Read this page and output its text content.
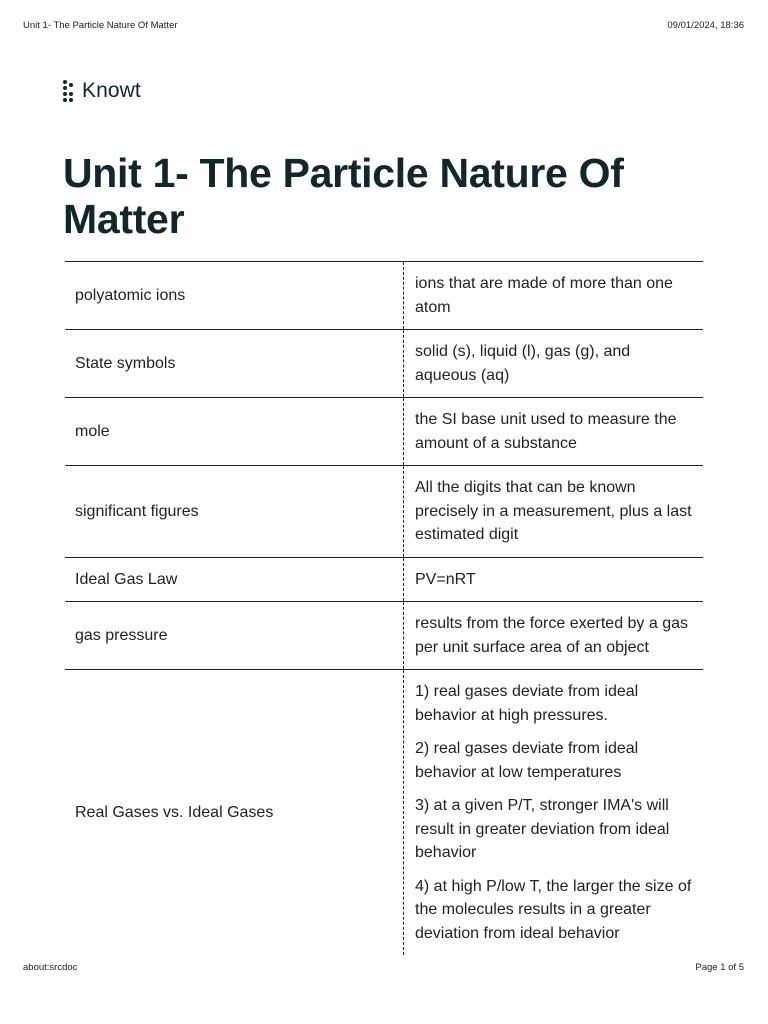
Unit 1- The Particle Nature Of Matter	09/01/2024, 18:36
Knowt
Unit 1- The Particle Nature Of Matter
polyatomic ions	ions that are made of more than one atom

State symbols	solid (s), liquid (l), gas (g), and aqueous (aq)

mole	the SI base unit used to measure the amount of a substance

significant figures	All the digits that can be known precisely in a measurement, plus a last estimated digit

Ideal Gas Law	PV=nRT

gas pressure	results from the force exerted by a gas per unit surface area of an object

Real Gases vs. Ideal Gases	1) real gases deviate from ideal behavior at high pressures.

2) real gases deviate from ideal behavior at low temperatures

3) at a given P/T, stronger IMA's will result in greater deviation from ideal behavior

4) at high P/low T, the larger the size of the molecules results in a greater deviation from ideal behavior

about:srcdoc	Page 1 of 5
